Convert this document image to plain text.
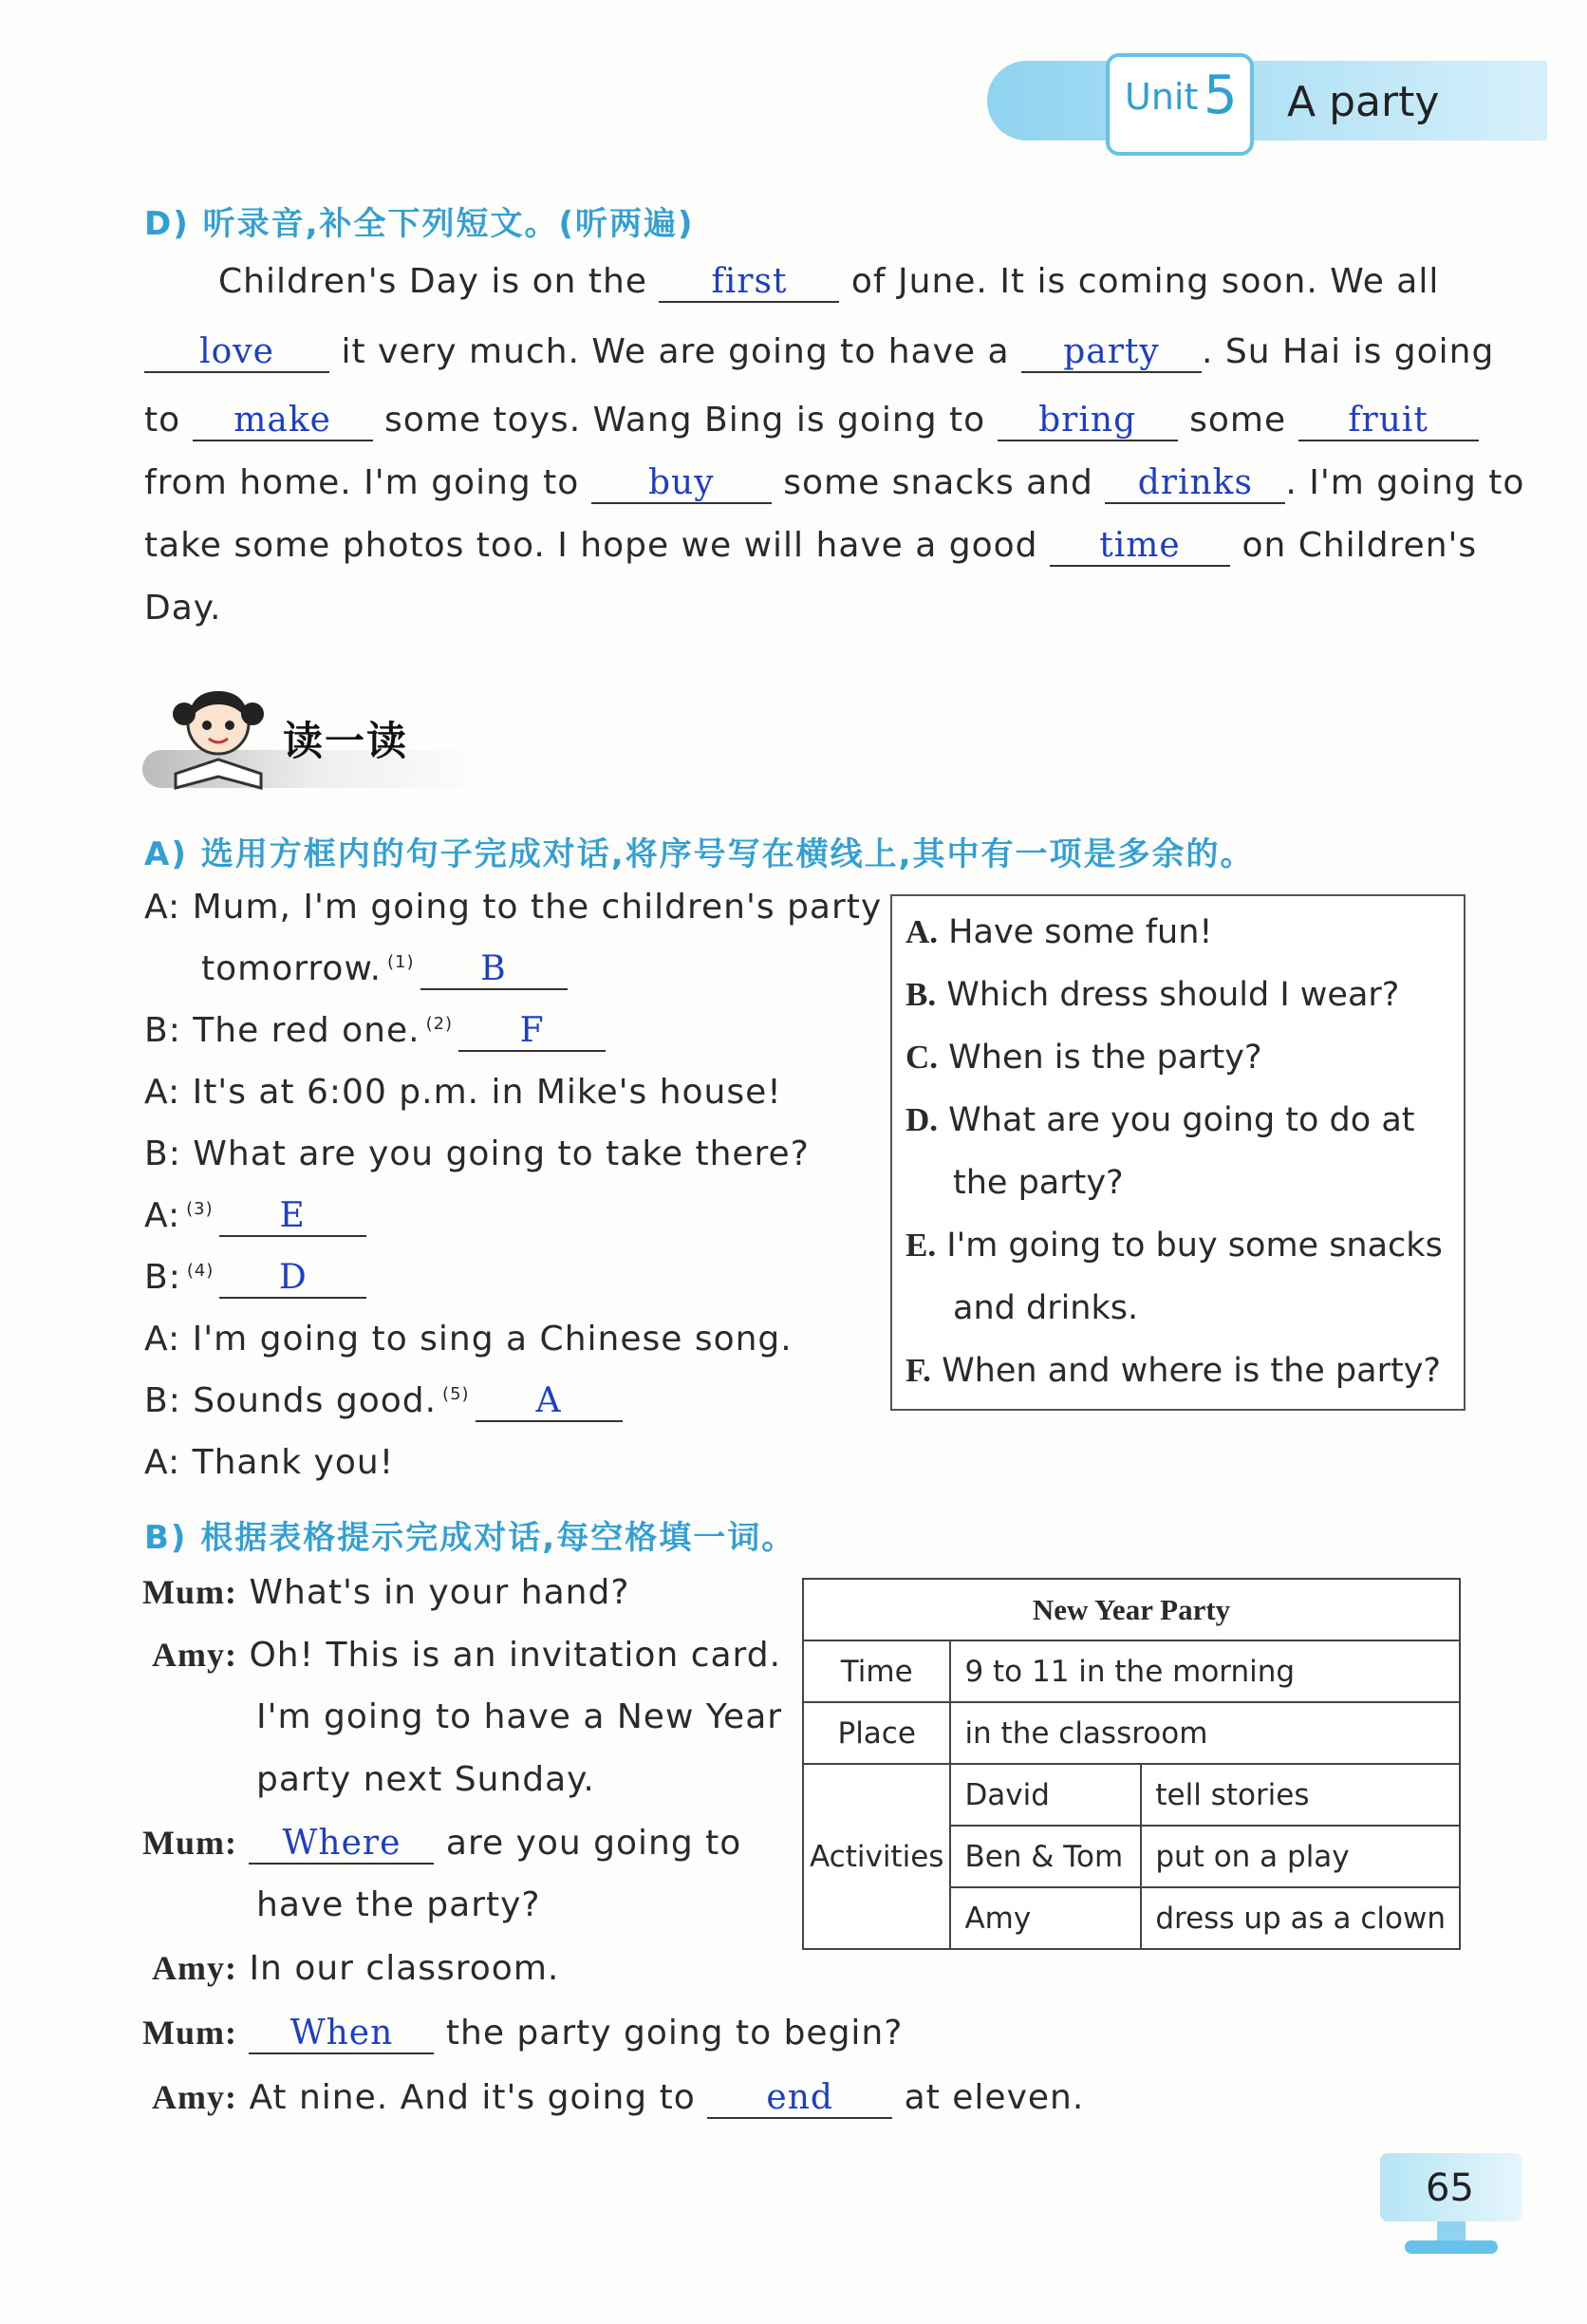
Unit 5 A party
D) 听录音,补全下列短文。(听两遍)
Children's Day is on the first of June. It is coming soon. We all
love it very much. We are going to have a party . Su Hai is going
to make some toys. Wang Bing is going to bring some fruit
from home. I'm going to buy some snacks and drinks . I'm going to
take some photos too. I hope we will have a good time on Children's
Day.
读一读
A) 选用方框内的句子完成对话,将序号写在横线上,其中有一项是多余的。
A: Mum, I'm going to the children's party
tomorrow. $^{(1)}$ B
B: The red one. $^{(2)}$ F
A: It's at 6:00 p.m. in Mike's house!
B: What are you going to take there?
A: $^{(3)}$ E
B: $^{(4)}$ D
A: I'm going to sing a Chinese song.
B: Sounds good. $^{(5)}$ A
A: Thank you!
A. Have some fun!
B. Which dress should I wear?
C. When is the party?
D. What are you going to do at
the party?
E. I'm going to buy some snacks
and drinks.
F. When and where is the party?
B) 根据表格提示完成对话,每空格填一词。
Mum: What's in your hand?
Amy: Oh! This is an invitation card.
I'm going to have a New Year
party next Sunday.
Mum: Where are you going to
have the party?
Amy: In our classroom.
Mum: When the party going to begin?
Amy: At nine. And it's going to end at eleven.
New Year Party		
Time	9 to 11 in the morning	
Place	in the classroom	
Activities	David	tell stories
	Ben & Tom	put on a play
	Amy	dress up as a clown
65
